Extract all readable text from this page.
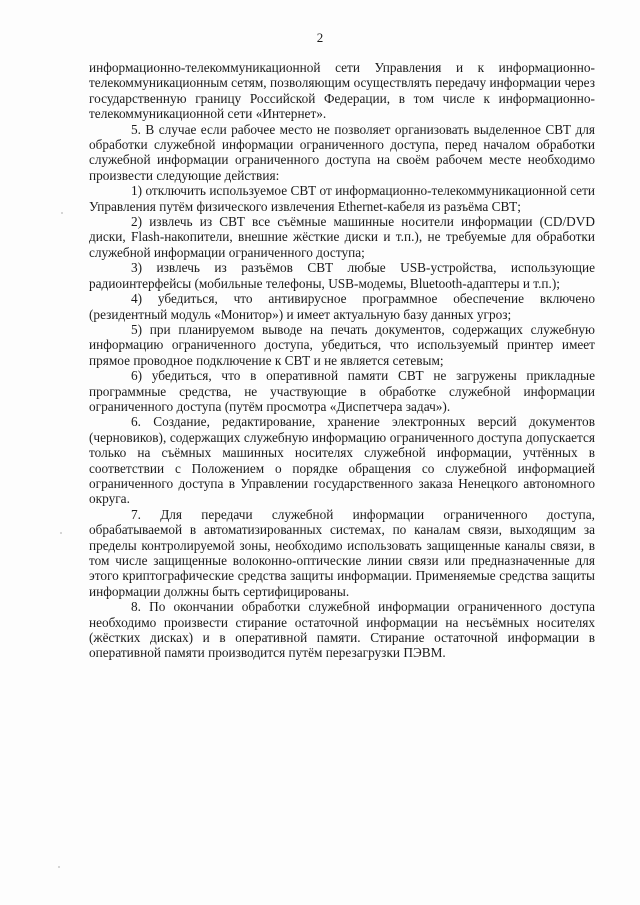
2

информационно-телекоммуникационной сети Управления и к информационно-телекоммуникационным сетям, позволяющим осуществлять передачу информации через государственную границу Российской Федерации, в том числе к информационно-телекоммуникационной сети «Интернет».

5. В случае если рабочее место не позволяет организовать выделенное СВТ для обработки служебной информации ограниченного доступа, перед началом обработки служебной информации ограниченного доступа на своём рабочем месте необходимо произвести следующие действия:

1) отключить используемое СВТ от информационно-телекоммуникационной сети Управления путём физического извлечения Ethernet-кабеля из разъёма СВТ;

2) извлечь из СВТ все съёмные машинные носители информации (CD/DVD диски, Flash-накопители, внешние жёсткие диски и т.п.), не требуемые для обработки служебной информации ограниченного доступа;

3) извлечь из разъёмов СВТ любые USB-устройства, использующие радиоинтерфейсы (мобильные телефоны, USB-модемы, Bluetooth-адаптеры и т.п.);

4) убедиться, что антивирусное программное обеспечение включено (резидентный модуль «Монитор») и имеет актуальную базу данных угроз;

5) при планируемом выводе на печать документов, содержащих служебную информацию ограниченного доступа, убедиться, что используемый принтер имеет прямое проводное подключение к СВТ и не является сетевым;

6) убедиться, что в оперативной памяти СВТ не загружены прикладные программные средства, не участвующие в обработке служебной информации ограниченного доступа (путём просмотра «Диспетчера задач»).

6. Создание, редактирование, хранение электронных версий документов (черновиков), содержащих служебную информацию ограниченного доступа допускается только на съёмных машинных носителях служебной информации, учтённых в соответствии с Положением о порядке обращения со служебной информацией ограниченного доступа в Управлении государственного заказа Ненецкого автономного округа.

7. Для передачи служебной информации ограниченного доступа, обрабатываемой в автоматизированных системах, по каналам связи, выходящим за пределы контролируемой зоны, необходимо использовать защищенные каналы связи, в том числе защищенные волоконно-оптические линии связи или предназначенные для этого криптографические средства защиты информации. Применяемые средства защиты информации должны быть сертифицированы.

8. По окончании обработки служебной информации ограниченного доступа необходимо произвести стирание остаточной информации на несъёмных носителях (жёстких дисках) и в оперативной памяти. Стирание остаточной информации в оперативной памяти производится путём перезагрузки ПЭВМ.
